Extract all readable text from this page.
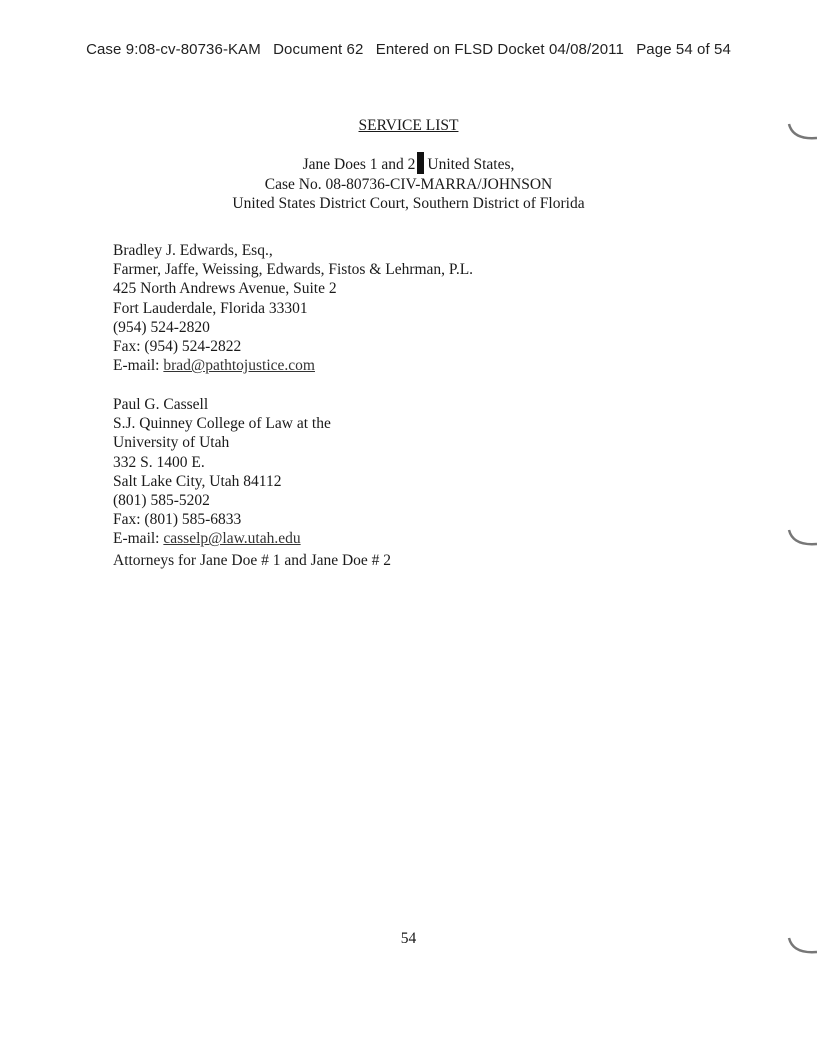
Case 9:08-cv-80736-KAM Document 62 Entered on FLSD Docket 04/08/2011 Page 54 of 54
SERVICE LIST
Jane Does 1 and 2 United States,
Case No. 08-80736-CIV-MARRA/JOHNSON
United States District Court, Southern District of Florida
Bradley J. Edwards, Esq.,
Farmer, Jaffe, Weissing, Edwards, Fistos & Lehrman, P.L.
425 North Andrews Avenue, Suite 2
Fort Lauderdale, Florida 33301
(954) 524-2820
Fax: (954) 524-2822
E-mail: brad@pathtojustice.com
Paul G. Cassell
S.J. Quinney College of Law at the
University of Utah
332 S. 1400 E.
Salt Lake City, Utah 84112
(801) 585-5202
Fax: (801) 585-6833
E-mail: casselp@law.utah.edu
Attorneys for Jane Doe # 1 and Jane Doe # 2
54
